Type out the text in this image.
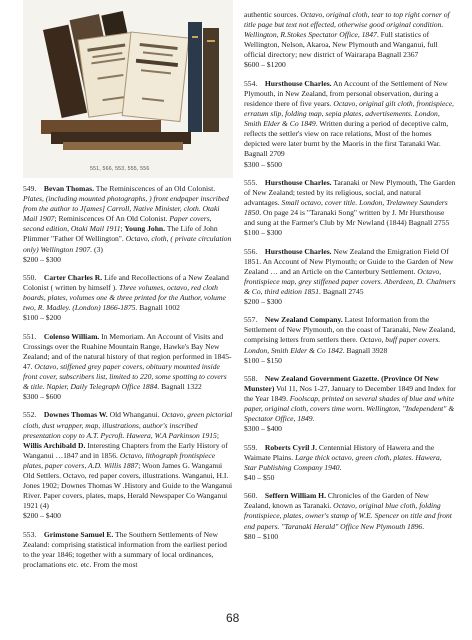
551, 566, 553, 555, 556
549. Bevan Thomas. The Reminiscences of an Old Colonist. Plates, (including mounted photographs, ) front endpaper inscribed from the author to J[ames] Carroll, Native Minister, cloth. Otaki Mail 1907; Reminiscences Of An Old Colonist. Paper covers, second edition, Otaki Mail 1911; Young John. The Life of John Plimmer "Father Of Wellington". Octavo, cloth, ( private circulation only) Wellington 1907. (3)
$200 – $300
550. Carter Charles R. Life and Recollections of a New Zealand Colonist ( written by himself ). Three volumes, octavo, red cloth boards, plates, volumes one & three printed for the Author, volume two, R. Madley. (London) 1866-1875. Bagnall 1002
$100 – $200
551. Colenso William. In Memoriam. An Account of Visits and Crossings over the Ruahine Mountain Range, Hawke's Bay New Zealand; and of the natural history of that region performed in 1845-47. Octavo, stiffened grey paper covers, obituary mounted inside front cover, subscribers list, limited to 220, some spotting to covers & title. Napier, Daily Telegraph Office 1884. Bagnall 1322
$300 – $600
552. Downes Thomas W. Old Whanganui. Octavo, green pictorial cloth, dust wrapper, map, illustrations, author's inscribed presentation copy to A.T. Pycroft. Hawera, W.A Parkinson 1915; Willis Archibald D. Interesting Chapters from the Early History of Wanganui …1847 and in 1856. Octavo, lithograph frontispiece plates, paper covers, A.D. Willis 1887; Woon James G. Wanganui Old Settlers. Octavo, red paper covers, illustrations. Wanganui, H.I. Jones 1902; Downes Thomas W .History and Guide to the Wanganui River. Paper covers, plates, maps, Herald Newspaper Co Wanganui 1921 (4)
$200 – $400
553. Grimstone Samuel E. The Southern Settlements of New Zealand: comprising statistical information from the earliest period to the year 1846; together with a summary of local ordinances, proclamations etc. etc. From the most
authentic sources. Octavo, original cloth, tear to top right corner of title page but text not effected, otherwise good original condition. Wellington, R.Stokes Spectator Office, 1847. Full statistics of Wellington, Nelson, Akaroa, New Plymouth and Wanganui, full official directory; new district of Wairarapa Bagnall 2367
$600 – $1200
554. Hursthouse Charles. An Account of the Settlement of New Plymouth, in New Zealand, from personal observation, during a residence there of five years. Octavo, original gilt cloth, frontispiece, erratum slip, folding map, sepia plates, advertisements. London, Smith Elder & Co 1849. Written during a period of deceptive calm, reflects the settler's view on race relations, Most of the homes depicted were later burnt by the Maoris in the first Taranaki War. Bagnall 2709
$300 – $500
555. Hursthouse Charles. Taranaki or New Plymouth, The Garden of New Zealand; tested by its religious, social, and natural advantages. Small octavo, cover title. London, Trelawney Saunders 1850. On page 24 is "Taranaki Song" written by J. Mr Hursthouse and sung at the Farmer's Club by Mr Newland (1844) Bagnall 2755
$100 – $300
556. Hursthouse Charles. New Zealand the Emigration Field Of 1851. An Account of New Plymouth; or Guide to the Garden of New Zealand … and an Article on the Canterbury Settlement. Octavo, frontispiece map, grey stiffened paper covers. Aberdeen, D. Chalmers & Co, third edition 1851. Bagnall 2745
$200 – $300
557. New Zealand Company. Latest Information from the Settlement of New Plymouth, on the coast of Taranaki, New Zealand, comprising letters from settlers there. Octavo, buff paper covers. London, Smith Elder & Co 1842. Bagnall 3928
$100 – $150
558. New Zealand Government Gazette. (Province Of New Munster) Vol 11, Nos 1-27, January to December 1849 and Index for the Year 1849. Foolscap, printed on several shades of blue and white paper, original cloth, covers time worn. Wellington, "Independent" & Spectator Office, 1849.
$300 – $400
559. Roberts Cyril J. Centennial History of Hawera and the Waimate Plains. Large thick octavo, green cloth, plates. Hawera, Star Publishing Company 1940.
$40 – $50
560. Seffern William H. Chronicles of the Garden of New Zealand, known as Taranaki. Octavo, original blue cloth, folding frontispiece, plates, owner's stamp of W.E. Spencer on title and front end papers. "Taranaki Herald" Office New Plymouth 1896.
$80 – $100
68
